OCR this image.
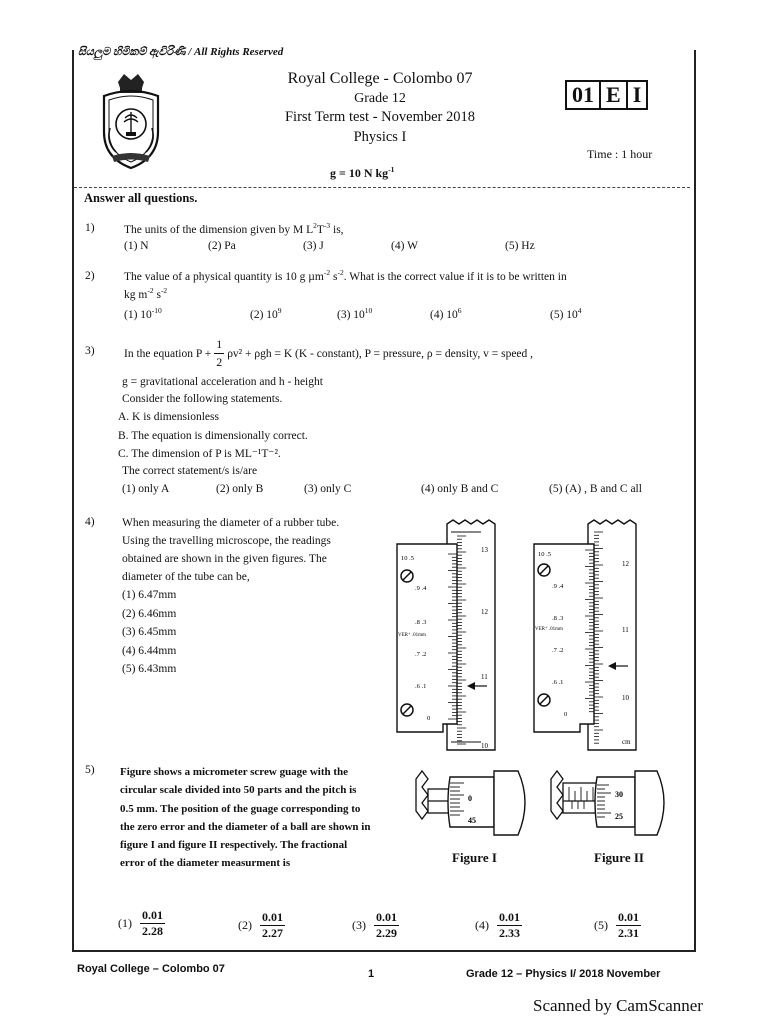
සියලුම හිමිකම් ඇවිරිණි / All Rights Reserved
Royal College - Colombo 07
Grade 12
First Term test - November 2018
Physics I
01 E I
Time : 1 hour
g = 10 N $kg^{-1}$
Answer all questions.
1)	The units of the dimension given by M $L^2T^{-3}$ is,
(1) N	(2) Pa	(3) J	(4) W	(5) Hz
2)	The value of a physical quantity is 10 g µm$^{-2}$ $s^{-2}$. What is the correct value if it is to be written in
kg $m^{-2}$ $s^{-2}$
(1) $10^{-10}$	(2) $10^9$	(3) $10^{10}$	(4) $10^6$	(5) $10^4$
3)	In the equation $P + \frac{1}{2} \rho v^2 + \rho gh = K$ (K - constant), P = pressure, ρ = density, v = speed ,
g = gravitational acceleration and h - height
Consider the following statements.
A. K is dimensionless
B. The equation is dimensionally correct.
C. The dimension of P is ML⁻¹T⁻².
The correct statement/s is/are
(1) only A	(2) only B	(3) only C	(4) only B and C	(5) (A) , B and C all
4) When measuring the diameter of a rubber tube.
Using the travelling microscope, the readings
obtained are shown in the given figures. The
diameter of the tube can be,
(1) 6.47mm
(2) 6.46mm
(3) 6.45mm
(4) 6.44mm
(5) 6.43mm
13
12
11
10
10 .5
.9 .4
.8 .3
.7 .2
.6 .1
0
VER⁺ .01mm
12
11
10
cm
10 .5
.9 .4
.8 .3
.7 .2
.6 .1
0
VER⁺ .01mm
5) Figure shows a micrometer screw guage with the
circular scale divided into 50 parts and the pitch is
0.5 mm. The position of the guage corresponding to
the zero error and the diameter of a ball are shown in
figure I and figure II respectively. The fractional
error of the diameter measurment is
0
45
30
25
Figure I	Figure II
$(1) \frac{0.01}{2.28}$	$(2) \frac{0.01}{2.27}$	$(3) \frac{0.01}{2.29}$	$(4) \frac{0.01}{2.33}$	$(5) \frac{0.01}{2.31}$
Royal College – Colombo 07	1	Grade 12 – Physics I/ 2018 November
Scanned by CamScanner
